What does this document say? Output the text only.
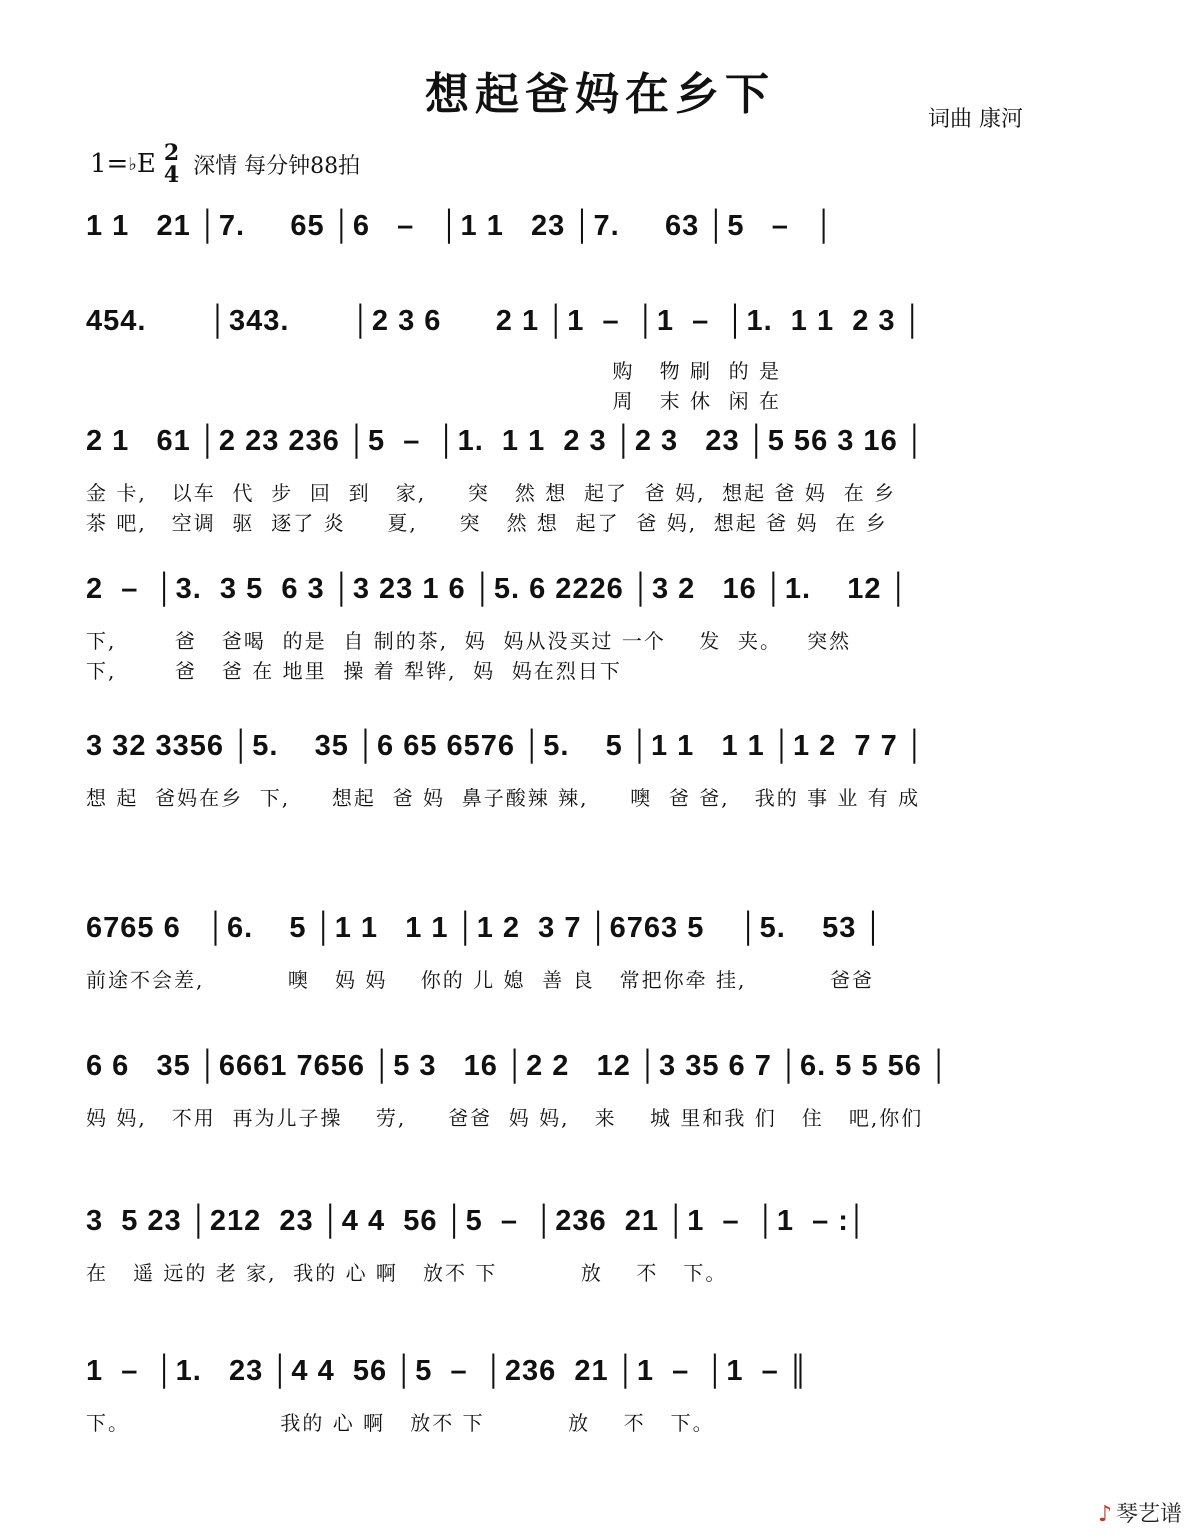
想起爸妈在乡下	词曲 康河
1= ♭ E 2
4 深情 每分钟88拍
1 1   21 │7.     65 │6   –   │1 1   23 │7.     63 │5   –   │
454.       │343.       │2 3 6      2 1 │1  –  │1  –  │1.  1 1  2 3 │
购   物 刷  的 是
周   末 休  闲 在
2 1   61 │2 23 236 │5  –  │1.  1 1  2 3 │2 3   23 │5 56 3 16 │
金 卡,   以车  代  步  回  到   家,     突   然 想  起了  爸 妈,  想起 爸 妈  在 乡
茶 吧,   空调  驱  逐了 炎     夏,     突   然 想  起了  爸 妈,  想起 爸 妈  在 乡
2  –  │3.  3 5  6 3 │3 23 1 6 │5. 6 2226 │3 2   16 │1.    12 │
下,       爸   爸喝  的是  自 制的茶,  妈  妈从没买过 一个    发  夹。   突然
下,       爸   爸 在 地里  操 着 犁铧,  妈  妈在烈日下
3 32 3356 │5.    35 │6 65 6576 │5.    5 │1 1   1 1 │1 2  7 7 │
想 起  爸妈在乡  下,     想起  爸 妈  鼻子酸辣 辣,     噢  爸 爸,   我的 事 业 有 成
6765 6   │6.    5 │1 1   1 1 │1 2  3 7 │6763 5    │5.    53 │
前途不会差,          噢   妈 妈    你的 儿 媳  善 良   常把你牵 挂,          爸爸
6 6   35 │6661 7656 │5 3   16 │2 2   12 │3 35 6 7 │6. 5 5 56 │
妈 妈,   不用  再为儿子操    劳,     爸爸  妈 妈,   来    城 里和我 们   住   吧,你们
3  5 23 │212  23 │4 4  56 │5  –  │236  21 │1  –  │1  – :│
在   遥 远的 老 家,  我的 心 啊   放不 下          放    不   下。
1  –  │1.   23 │4 4  56 │5  –  │236  21 │1  –  │1  – ║
下。                  我的 心 啊   放不 下          放    不   下。
♪ 琴艺谱
